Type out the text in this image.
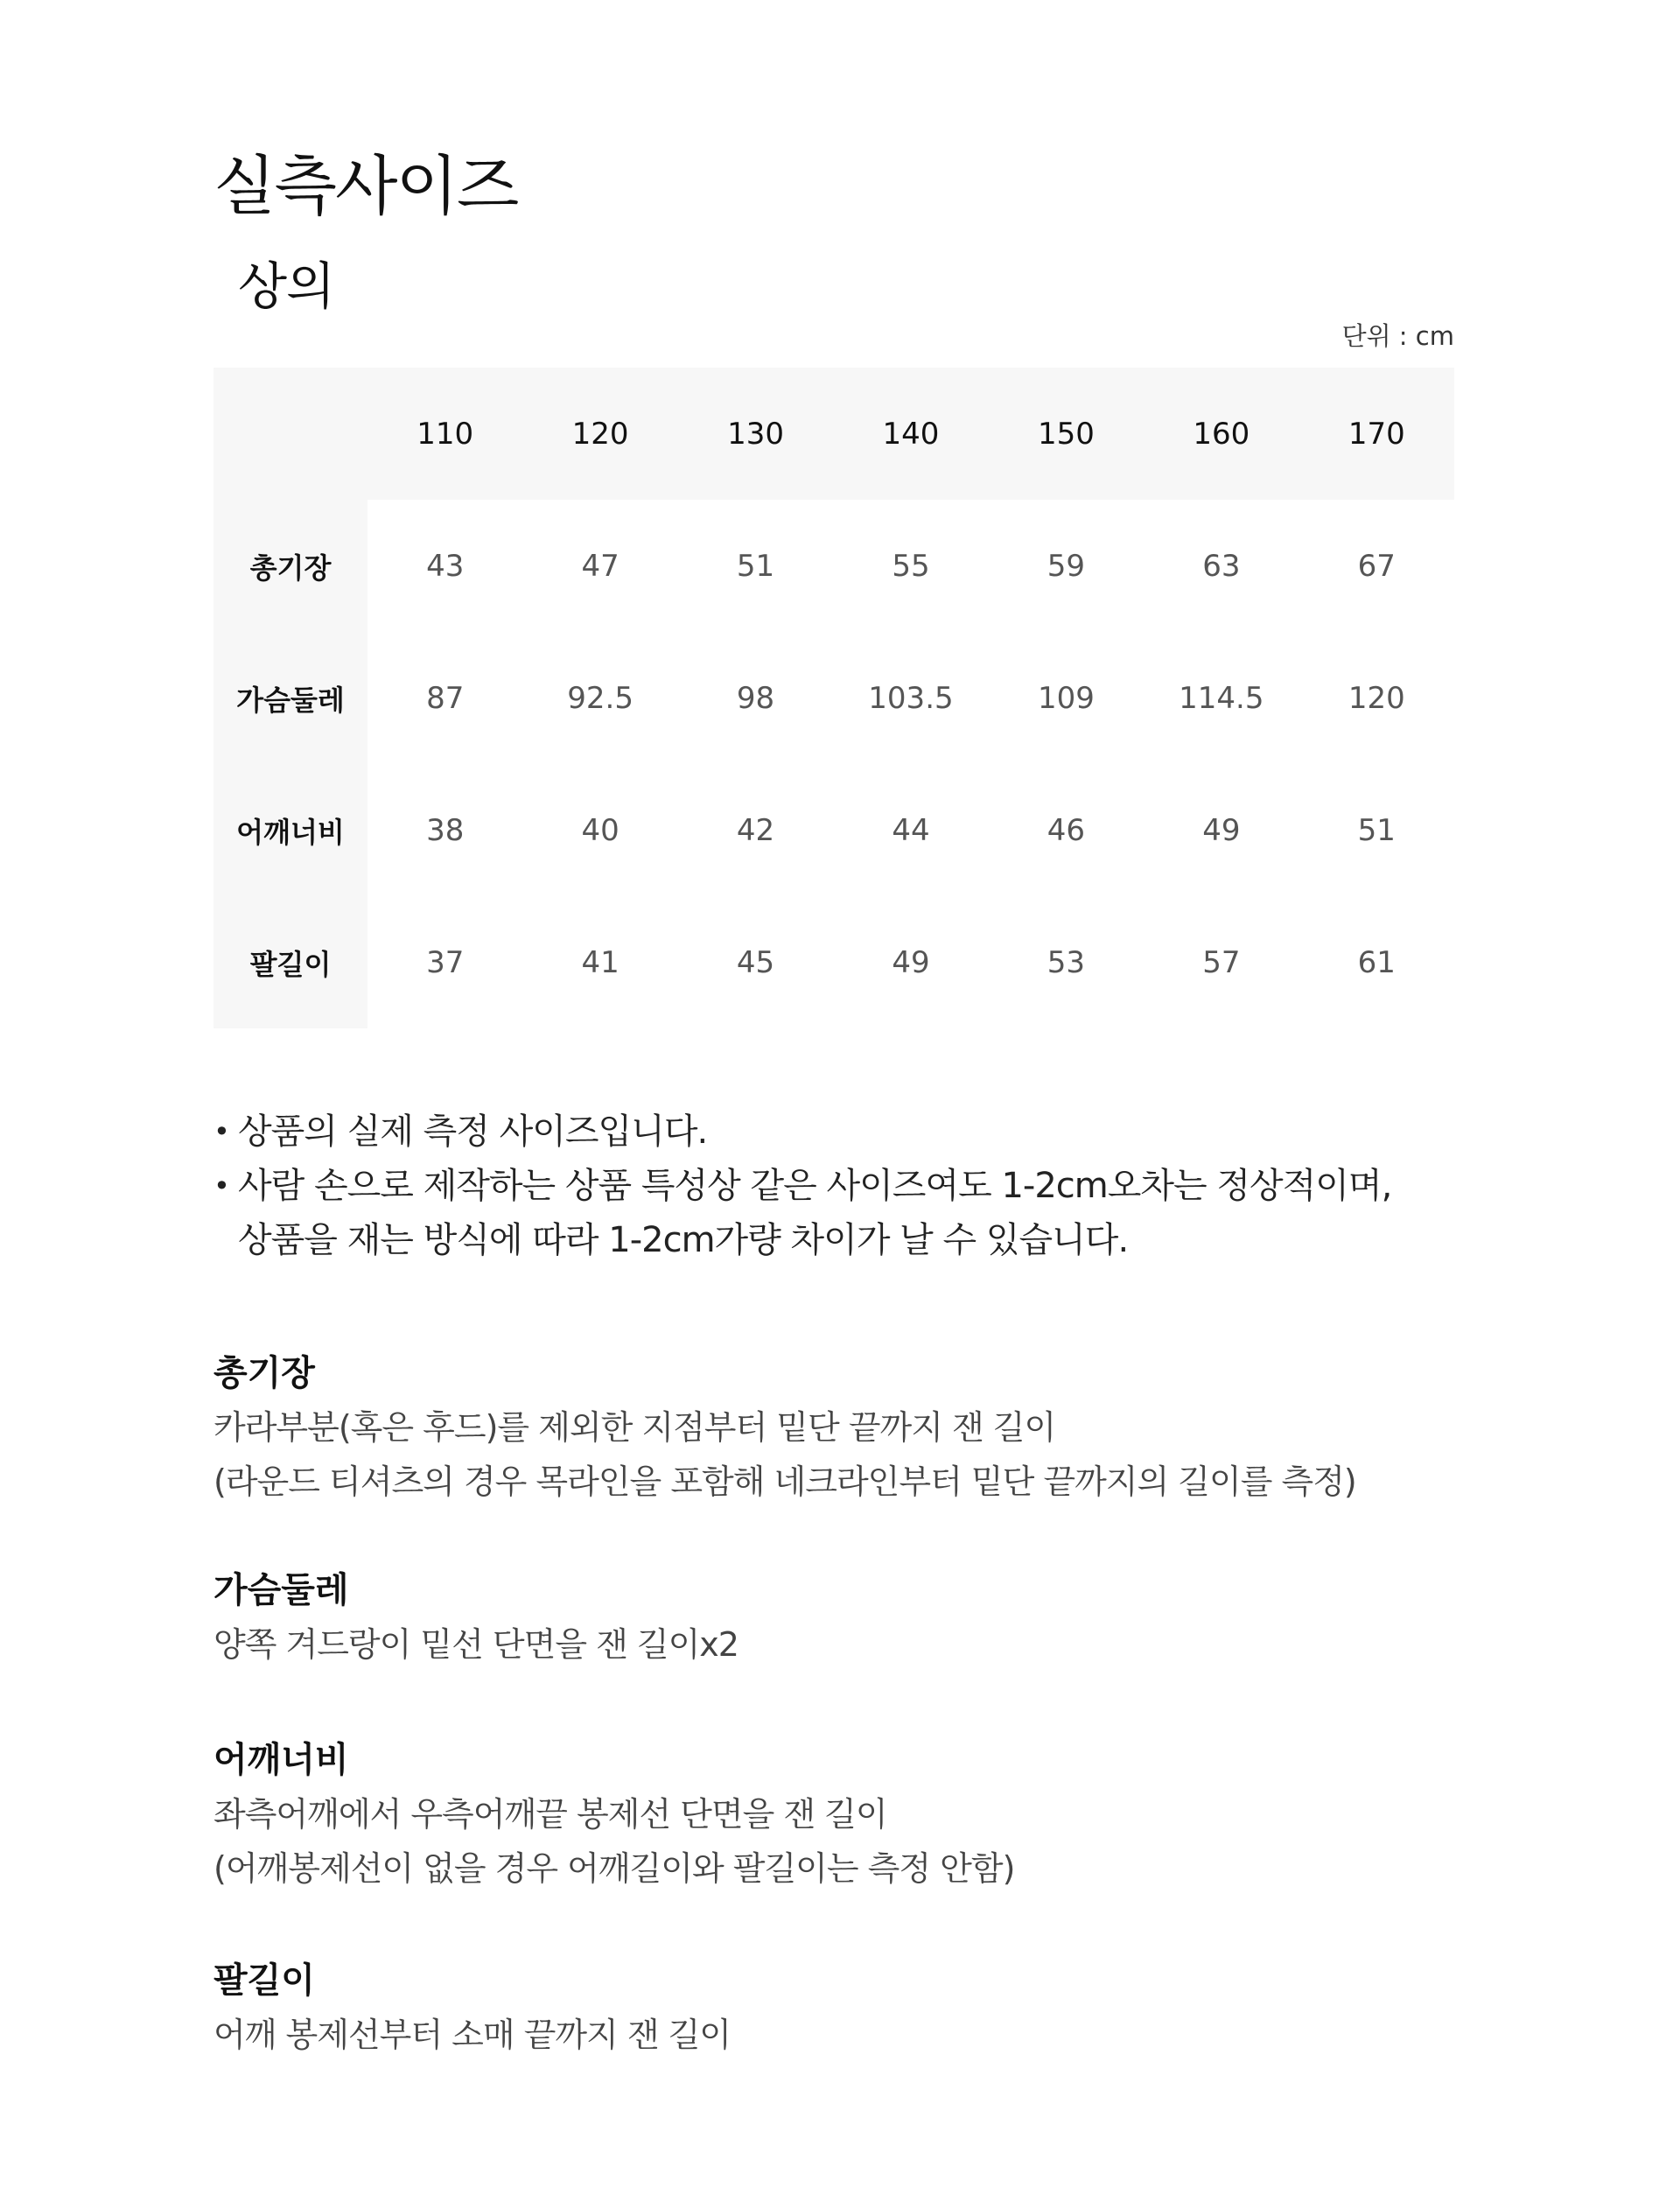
실측사이즈
상의
단위 : cm
	110	120	130	140	150	160	170
총기장	43	47	51	55	59	63	67
가슴둘레	87	92.5	98	103.5	109	114.5	120
어깨너비	38	40	42	44	46	49	51
팔길이	37	41	45	49	53	57	61
• 상품의 실제 측정 사이즈입니다.
• 사람 손으로 제작하는 상품 특성상 같은 사이즈여도 1-2cm오차는 정상적이며,
상품을 재는 방식에 따라 1-2cm가량 차이가 날 수 있습니다.

총기장

카라부분(혹은 후드)를 제외한 지점부터 밑단 끝까지 잰 길이

(라운드 티셔츠의 경우 목라인을 포함해 네크라인부터 밑단 끝까지의 길이를 측정)

가슴둘레

양쪽 겨드랑이 밑선 단면을 잰 길이x2

어깨너비

좌측어깨에서 우측어깨끝 봉제선 단면을 잰 길이

(어깨봉제선이 없을 경우 어깨길이와 팔길이는 측정 안함)

팔길이

어깨 봉제선부터 소매 끝까지 잰 길이
